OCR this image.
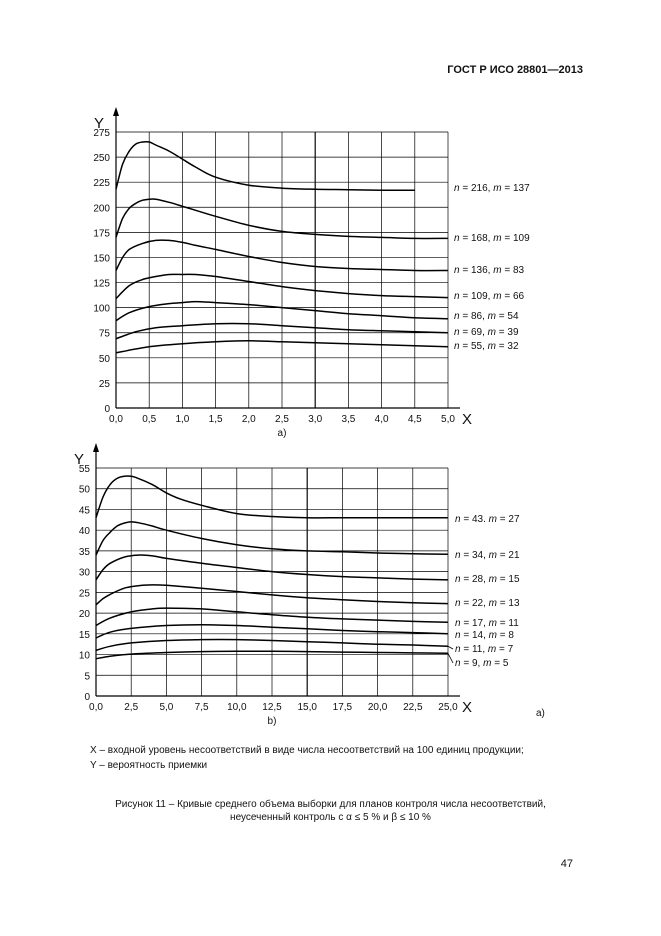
ГОСТ Р ИСО 28801—2013
0,0 0,5 1,0 1,5 2,0 2,5 3,0 3,5 4,0 4,5 5,0
0
25
50
75
100
125
150
175
200
225
250
275
Y
X
a)
n = 216, m = 137
n = 168, m = 109
n = 136, m = 83
n = 109, m = 66
n = 86, m = 54
n = 69, m = 39
n = 55, m = 32
0,0 2,5 5,0 7,5 10,0 12,5 15,0 17,5 20,0 22,5 25,0
0
5
10
15
20
25
30
35
40
45
50
55
Y
X
b)
a)
n = 43. m = 27
n = 34, m = 21
n = 28, m = 15
n = 22, m = 13
n = 17, m = 11
n = 14, m = 8
n = 11, m = 7
n = 9, m = 5
X – входной уровень несоответствий в виде числа несоответствий на 100 единиц продукции;
Y – вероятность приемки
Рисунок 11 – Кривые среднего объема выборки для планов контроля числа несоответствий,
неусеченный контроль с α ≤ 5 % и β ≤ 10 %
47
